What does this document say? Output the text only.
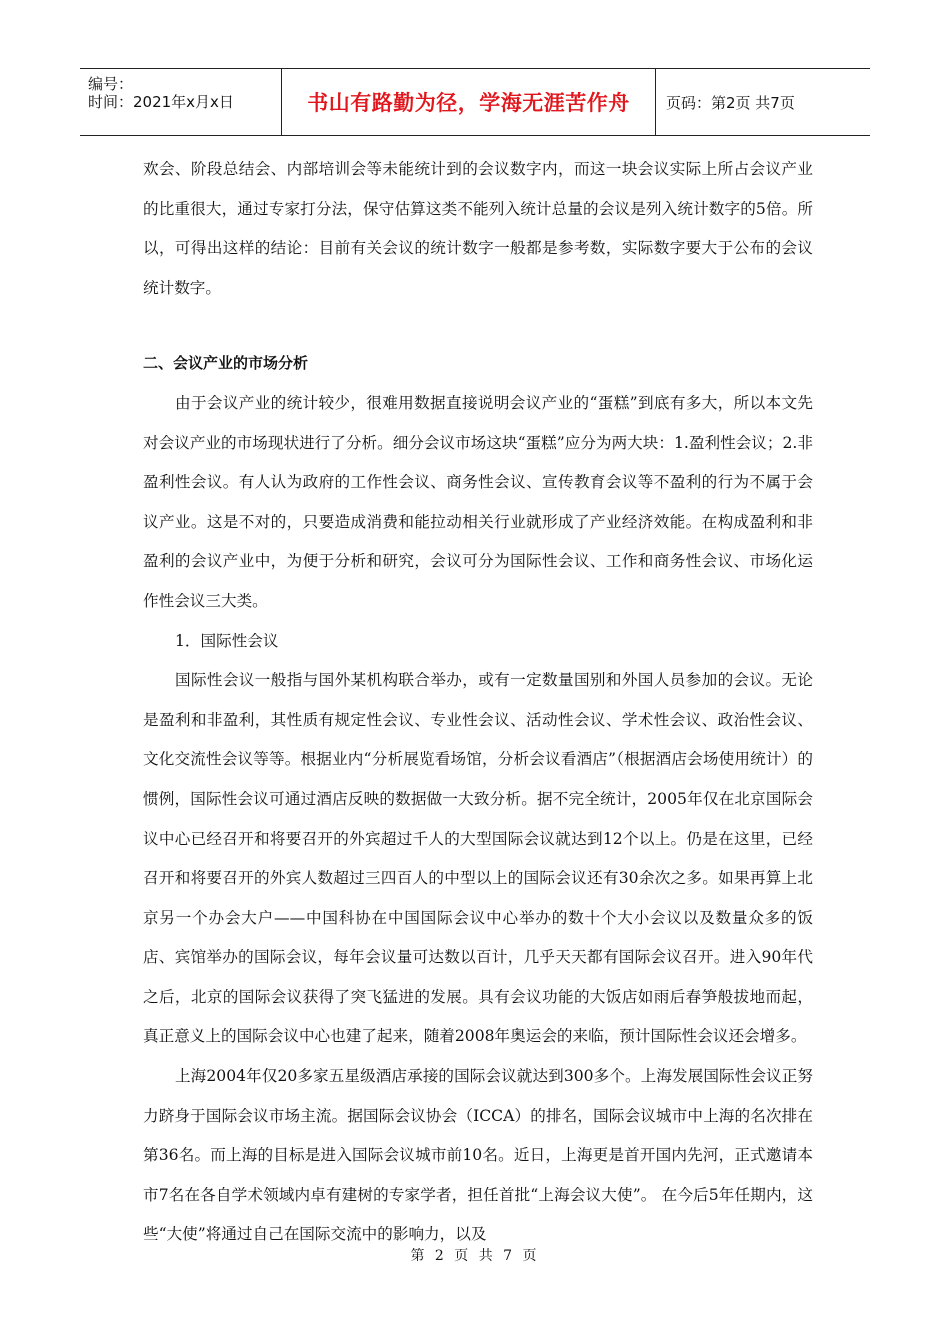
编号：
时间：2021年x月x日	书山有路勤为径，学海无涯苦作舟 页码：第2页 共7页

欢会、阶段总结会、内部培训会等未能统计到的会议数字内，而这一块会议实际上所占会议产业的比重很大，通过专家打分法，保守估算这类不能列入统计总量的会议是列入统计数字的5倍。所以，可得出这样的结论：目前有关会议的统计数字一般都是参考数，实际数字要大于公布的会议统计数字。

二、会议产业的市场分析

由于会议产业的统计较少，很难用数据直接说明会议产业的“蛋糕”到底有多大，所以本文先对会议产业的市场现状进行了分析。细分会议市场这块“蛋糕”应分为两大块：1.盈利性会议；2.非盈利性会议。有人认为政府的工作性会议、商务性会议、宣传教育会议等不盈利的行为不属于会议产业。这是不对的，只要造成消费和能拉动相关行业就形成了产业经济效能。在构成盈利和非盈利的会议产业中，为便于分析和研究，会议可分为国际性会议、工作和商务性会议、市场化运作性会议三大类。

1．国际性会议

国际性会议一般指与国外某机构联合举办，或有一定数量国别和外国人员参加的会议。无论是盈利和非盈利，其性质有规定性会议、专业性会议、活动性会议、学术性会议、政治性会议、文化交流性会议等等。根据业内“分析展览看场馆，分析会议看酒店”（根据酒店会场使用统计）的惯例，国际性会议可通过酒店反映的数据做一大致分析。据不完全统计，2005年仅在北京国际会议中心已经召开和将要召开的外宾超过千人的大型国际会议就达到12个以上。仍是在这里，已经召开和将要召开的外宾人数超过三四百人的中型以上的国际会议还有30余次之多。如果再算上北京另一个办会大户——中国科协在中国国际会议中心举办的数十个大小会议以及数量众多的饭店、宾馆举办的国际会议，每年会议量可达数以百计，几乎天天都有国际会议召开。进入90年代之后，北京的国际会议获得了突飞猛进的发展。具有会议功能的大饭店如雨后春笋般拔地而起，真正意义上的国际会议中心也建了起来，随着2008年奥运会的来临，预计国际性会议还会增多。

上海2004年仅20多家五星级酒店承接的国际会议就达到300多个。上海发展国际性会议正努力跻身于国际会议市场主流。据国际会议协会（ICCA）的排名，国际会议城市中上海的名次排在第36名。而上海的目标是进入国际会议城市前10名。近日，上海更是首开国内先河，正式邀请本市7名在各自学术领域内卓有建树的专家学者，担任首批“上海会议大使”。 在今后5年任期内，这些“大使”将通过自己在国际交流中的影响力，以及

第 2 页 共 7 页
